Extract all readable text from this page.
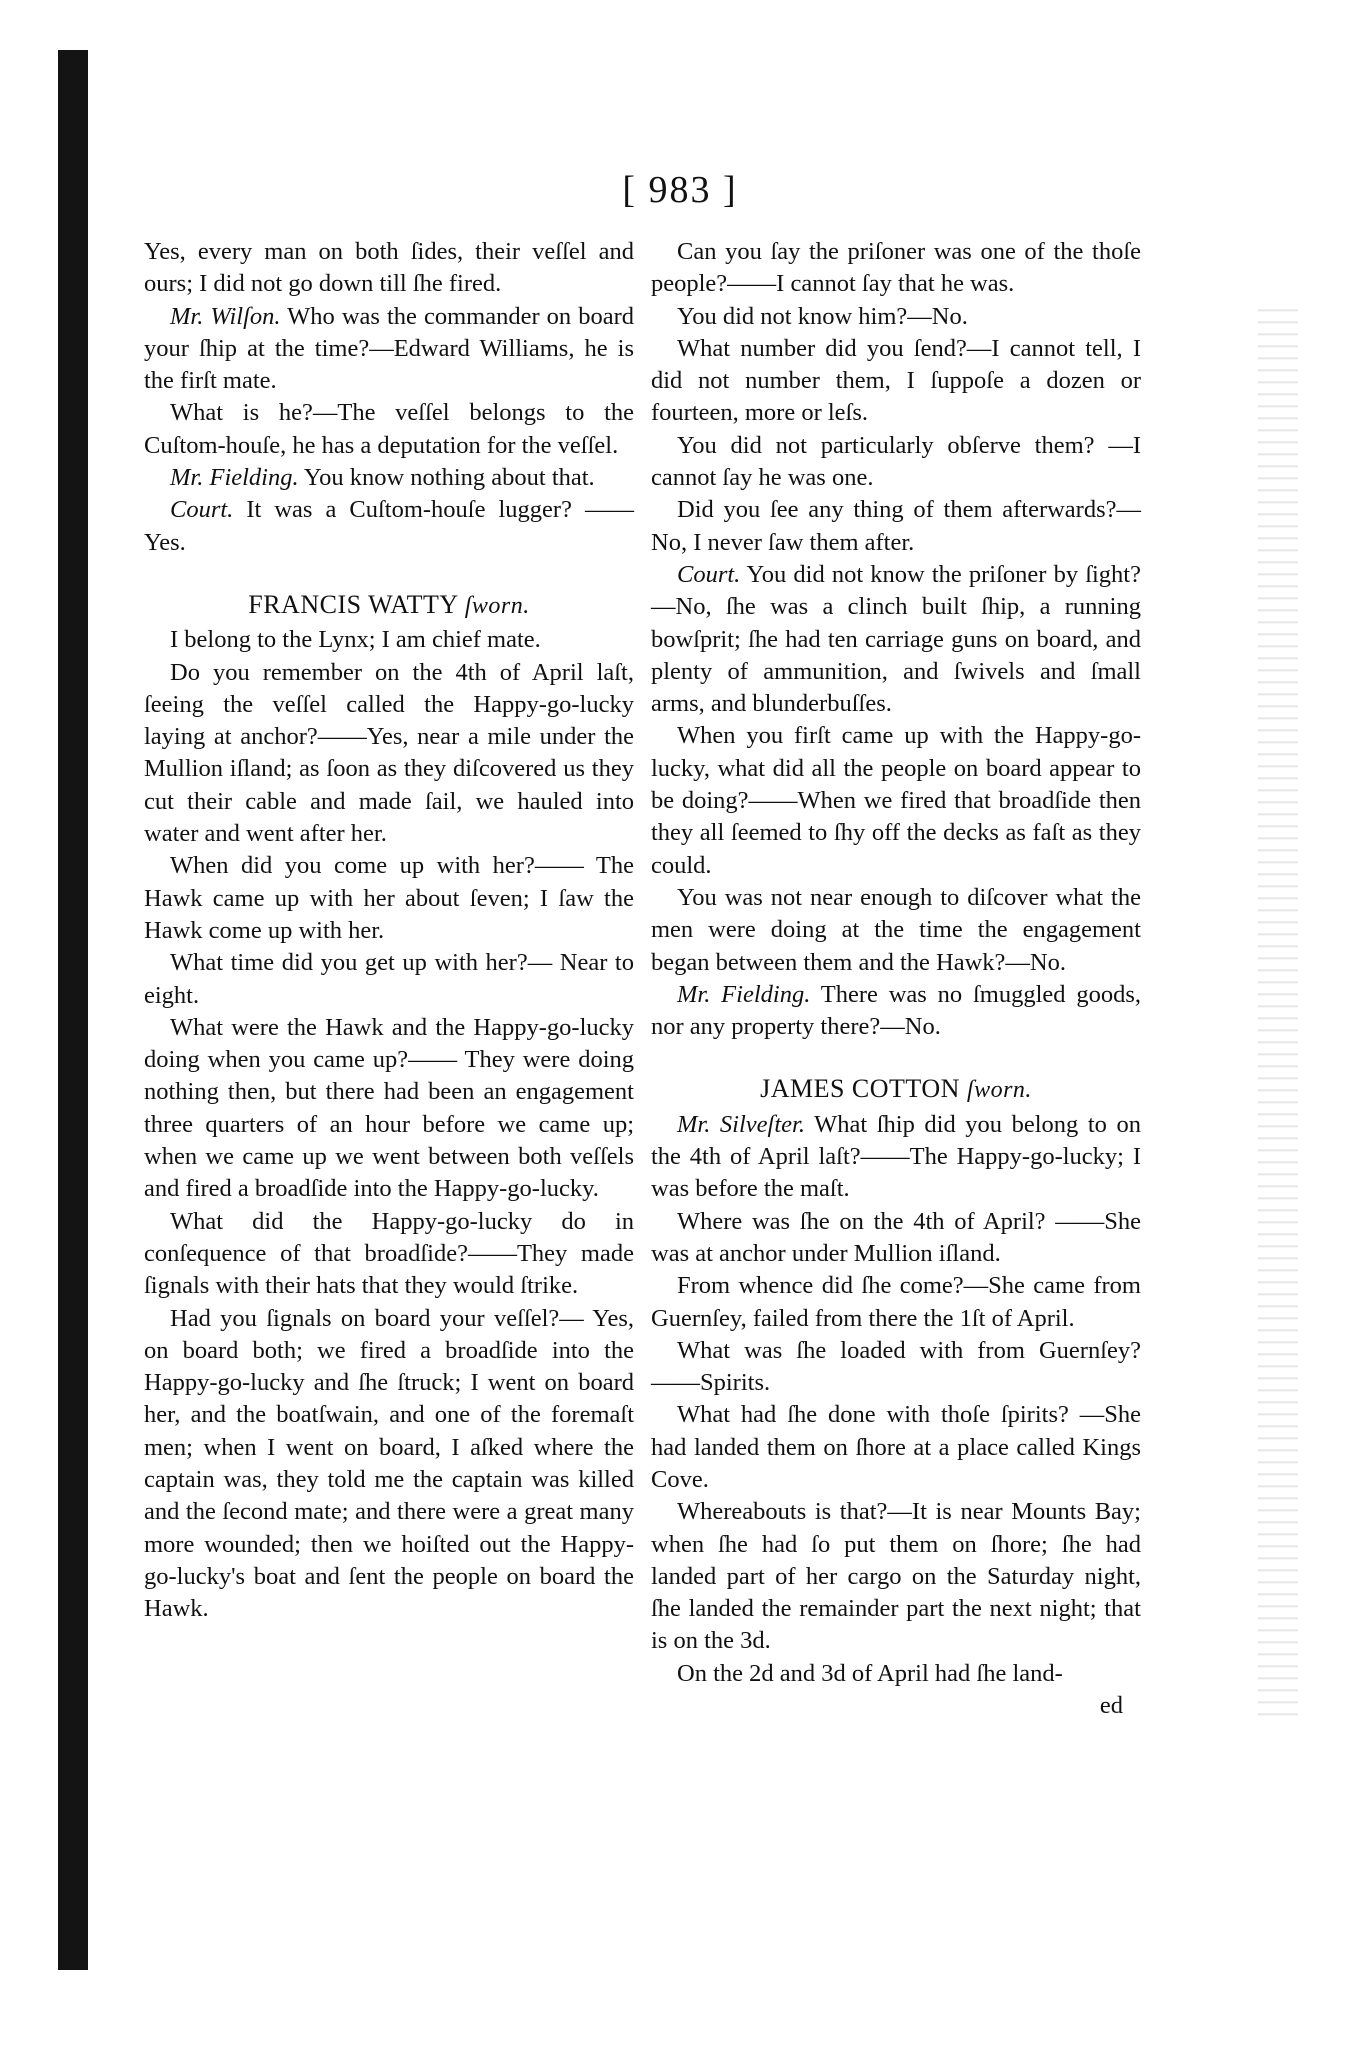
[ 983 ]

Yes, every man on both ſides, their veſſel and ours; I did not go down till ſhe fired.

Mr. Wilſon. Who was the commander on board your ſhip at the time?—Edward Williams, he is the firſt mate.

What is he?—The veſſel belongs to the Cuſtom-houſe, he has a deputation for the veſſel.

Mr. Fielding. You know nothing about that.

Court. It was a Cuſtom-houſe lugger? ——Yes.

FRANCIS WATTY ſworn.

I belong to the Lynx; I am chief mate.

Do you remember on the 4th of April laſt, ſeeing the veſſel called the Happy-go-lucky laying at anchor?——Yes, near a mile under the Mullion iſland; as ſoon as they diſcovered us they cut their cable and made ſail, we hauled into water and went after her.

When did you come up with her?—— The Hawk came up with her about ſeven; I ſaw the Hawk come up with her.

What time did you get up with her?— Near to eight.

What were the Hawk and the Happy-go-lucky doing when you came up?—— They were doing nothing then, but there had been an engagement three quarters of an hour before we came up; when we came up we went between both veſſels and fired a broadſide into the Happy-go-lucky.

What did the Happy-go-lucky do in conſequence of that broadſide?——They made ſignals with their hats that they would ſtrike.

Had you ſignals on board your veſſel?— Yes, on board both; we fired a broadſide into the Happy-go-lucky and ſhe ſtruck; I went on board her, and the boatſwain, and one of the foremaſt men; when I went on board, I aſked where the captain was, they told me the captain was killed and the ſecond mate; and there were a great many more wounded; then we hoiſted out the Happy-go-lucky's boat and ſent the people on board the Hawk.

Can you ſay the priſoner was one of the thoſe people?——I cannot ſay that he was.

You did not know him?—No.

What number did you ſend?—I cannot tell, I did not number them, I ſuppoſe a dozen or fourteen, more or leſs.

You did not particularly obſerve them? —I cannot ſay he was one.

Did you ſee any thing of them afterwards?—No, I never ſaw them after.

Court. You did not know the priſoner by ſight?—No, ſhe was a clinch built ſhip, a running bowſprit; ſhe had ten carriage guns on board, and plenty of ammunition, and ſwivels and ſmall arms, and blunderbuſſes.

When you firſt came up with the Happy-go-lucky, what did all the people on board appear to be doing?——When we fired that broadſide then they all ſeemed to ſhy off the decks as faſt as they could.

You was not near enough to diſcover what the men were doing at the time the engagement began between them and the Hawk?—No.

Mr. Fielding. There was no ſmuggled goods, nor any property there?—No.

JAMES COTTON ſworn.

Mr. Silveſter. What ſhip did you belong to on the 4th of April laſt?——The Happy-go-lucky; I was before the maſt.

Where was ſhe on the 4th of April? ——She was at anchor under Mullion iſland.

From whence did ſhe come?—She came from Guernſey, failed from there the 1ſt of April.

What was ſhe loaded with from Guernſey?——Spirits.

What had ſhe done with thoſe ſpirits? —She had landed them on ſhore at a place called Kings Cove.

Whereabouts is that?—It is near Mounts Bay; when ſhe had ſo put them on ſhore; ſhe had landed part of her cargo on the Saturday night, ſhe landed the remainder part the next night; that is on the 3d.

On the 2d and 3d of April had ſhe land-

ed
